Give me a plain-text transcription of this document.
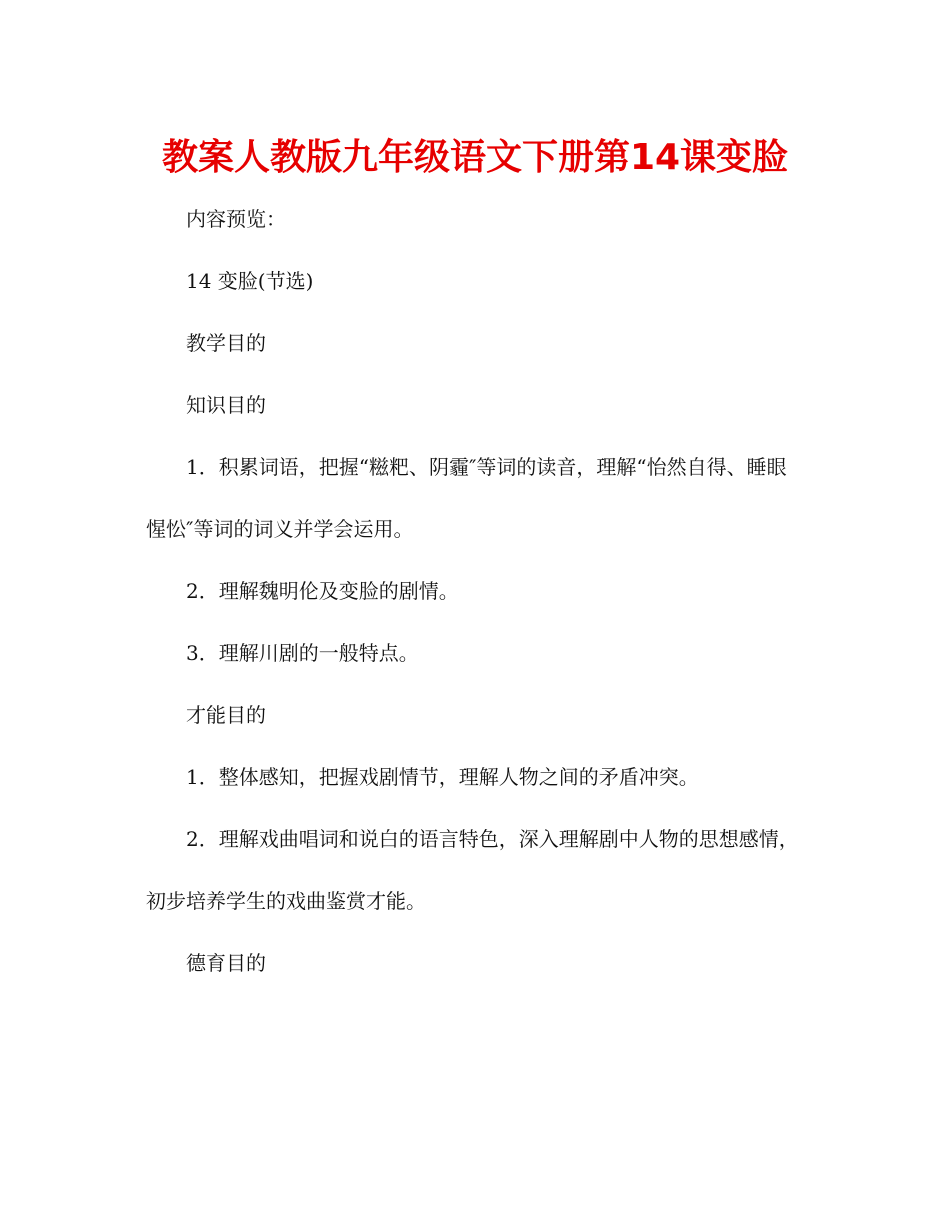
教案人教版九年级语文下册第14课变脸

内容预览：

14 变脸(节选)

教学目的

知识目的

1．积累词语，把握“糍粑、阴霾″等词的读音，理解“怡然自得、睡眼惺忪″等词的词义并学会运用。

2．理解魏明伦及变脸的剧情。

3．理解川剧的一般特点。

才能目的

1．整体感知，把握戏剧情节，理解人物之间的矛盾冲突。

2．理解戏曲唱词和说白的语言特色，深入理解剧中人物的思想感情，初步培养学生的戏曲鉴赏才能。

德育目的
